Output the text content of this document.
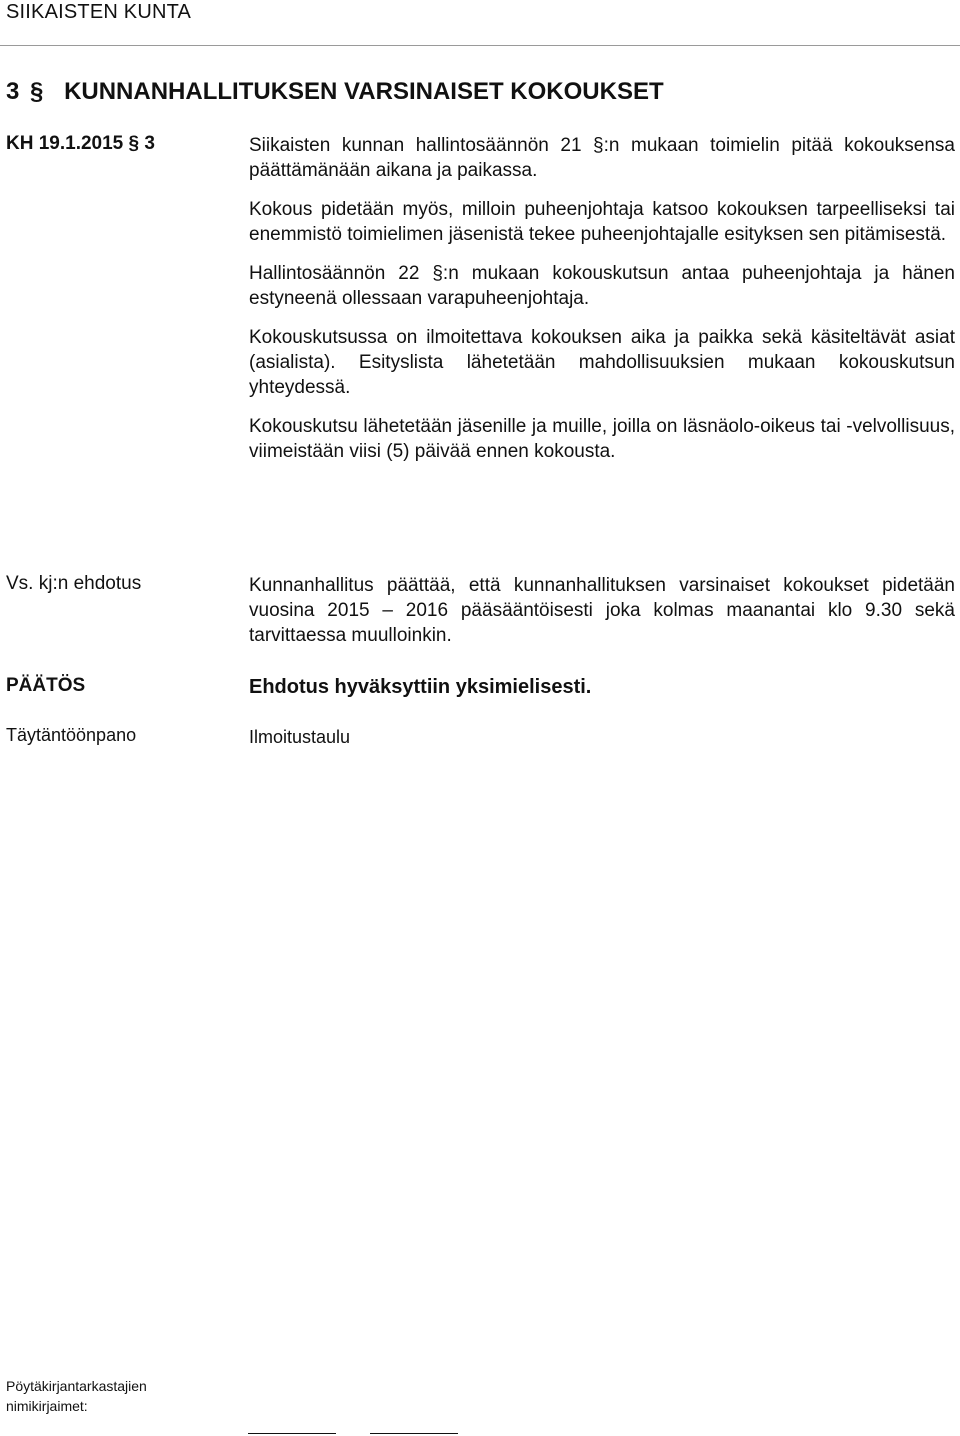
SIIKAISTEN KUNTA
3 § KUNNANHALLITUKSEN VARSINAISET KOKOUKSET
KH 19.1.2015 § 3	Siikaisten kunnan hallintosäännön 21 §:n mukaan toimielin pitää kokouksensa päättämänään aikana ja paikassa.

Kokous pidetään myös, milloin puheenjohtaja katsoo kokouksen tarpeelliseksi tai enemmistö toimielimen jäsenistä tekee puheenjohtajalle esityksen sen pitämisestä.

Hallintosäännön 22 §:n mukaan kokouskutsun antaa puheenjohtaja ja hänen estyneenä ollessaan varapuheenjohtaja.

Kokouskutsussa on ilmoitettava kokouksen aika ja paikka sekä käsiteltävät asiat (asialista). Esityslista lähetetään mahdollisuuksien mukaan kokouskutsun yhteydessä.

Kokouskutsu lähetetään jäsenille ja muille, joilla on läsnäolo-oikeus tai -velvollisuus, viimeistään viisi (5) päivää ennen kokousta.

Vs. kj:n ehdotus	Kunnanhallitus päättää, että kunnanhallituksen varsinaiset kokoukset pidetään vuosina 2015 – 2016 pääsääntöisesti joka kolmas maanantai klo 9.30 sekä tarvittaessa muulloinkin.
PÄÄTÖS	Ehdotus hyväksyttiin yksimielisesti.
Täytäntöönpano	Ilmoitustaulu
Pöytäkirjantarkastajien
nimikirjaimet:
